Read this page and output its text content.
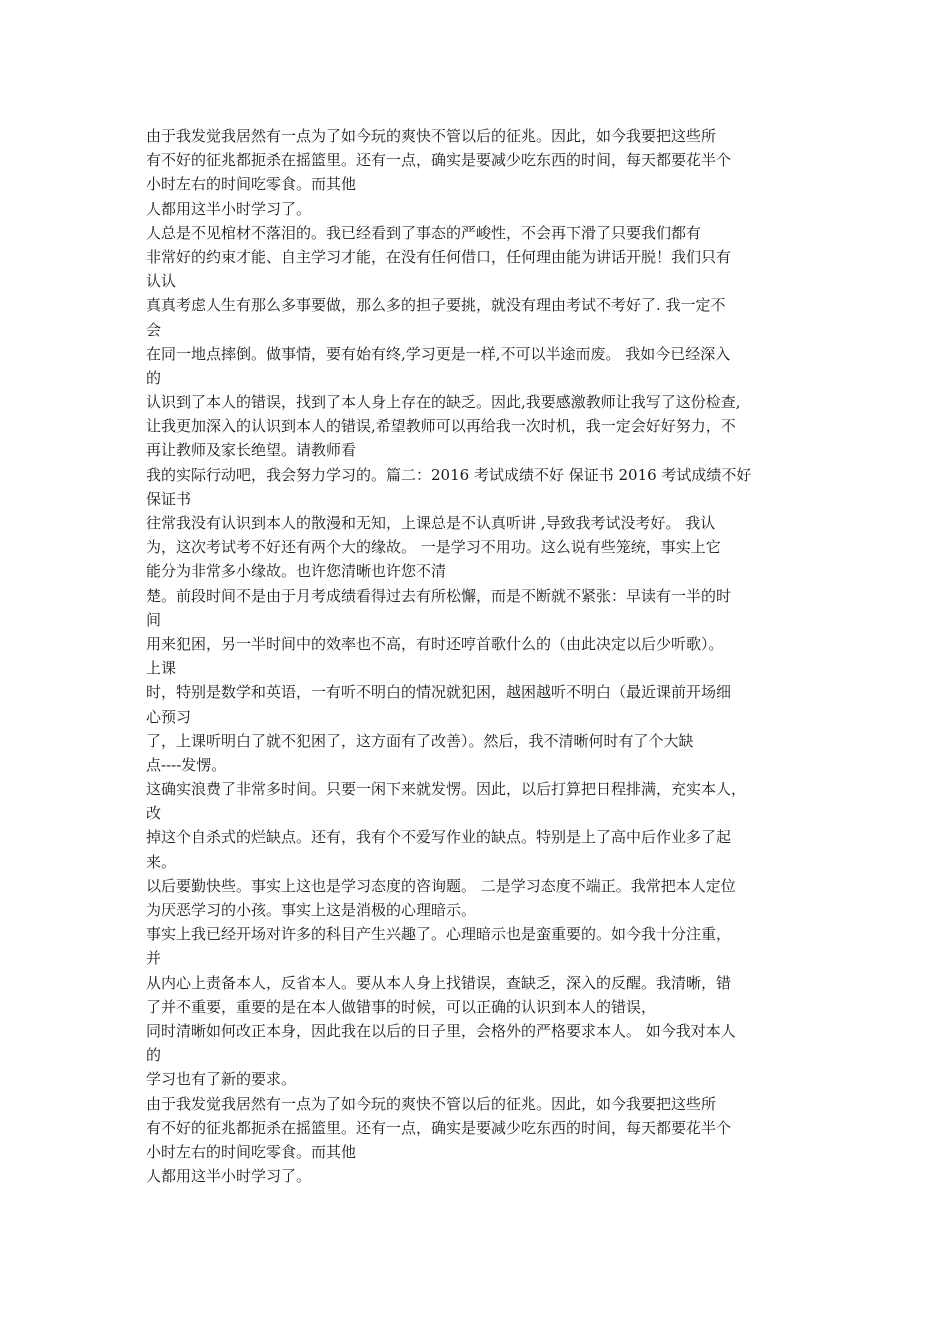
由于我发觉我居然有一点为了如今玩的爽快不管以后的征兆。因此，如今我要把这些所
有不好的征兆都扼杀在摇篮里。还有一点，确实是要减少吃东西的时间，每天都要花半个
小时左右的时间吃零食。而其他
人都用这半小时学习了。
人总是不见棺材不落泪的。我已经看到了事态的严峻性，不会再下滑了只要我们都有
非常好的约束才能、自主学习才能，在没有任何借口，任何理由能为讲话开脱！我们只有
认认
真真考虑人生有那么多事要做，那么多的担子要挑，就没有理由考试不考好了. 我一定不
会
在同一地点摔倒。做事情，要有始有终,学习更是一样,不可以半途而废。 我如今已经深入
的
认识到了本人的错误，找到了本人身上存在的缺乏。因此,我要感激教师让我写了这份检查,
让我更加深入的认识到本人的错误,希望教师可以再给我一次时机，我一定会好好努力，不
再让教师及家长绝望。请教师看
我的实际行动吧，我会努力学习的。篇二：2016 考试成绩不好 保证书 2016 考试成绩不好
保证书
往常我没有认识到本人的散漫和无知，上课总是不认真听讲 ,导致我考试没考好。 我认
为，这次考试考不好还有两个大的缘故。 一是学习不用功。这么说有些笼统，事实上它
能分为非常多小缘故。也许您清晰也许您不清
楚。前段时间不是由于月考成绩看得过去有所松懈，而是不断就不紧张：早读有一半的时
间
用来犯困，另一半时间中的效率也不高，有时还哼首歌什么的（由此决定以后少听歌）。
上课
时，特别是数学和英语，一有听不明白的情况就犯困，越困越听不明白（最近课前开场细
心预习
了，上课听明白了就不犯困了，这方面有了改善）。然后，我不清晰何时有了个大缺
点----发愣。
这确实浪费了非常多时间。只要一闲下来就发愣。因此，以后打算把日程排满，充实本人，
改
掉这个自杀式的烂缺点。还有，我有个不爱写作业的缺点。特别是上了高中后作业多了起
来。
以后要勤快些。事实上这也是学习态度的咨询题。 二是学习态度不端正。我常把本人定位
为厌恶学习的小孩。事实上这是消极的心理暗示。
事实上我已经开场对许多的科目产生兴趣了。心理暗示也是蛮重要的。如今我十分注重，
并
从内心上责备本人，反省本人。要从本人身上找错误，查缺乏，深入的反醒。我清晰，错
了并不重要，重要的是在本人做错事的时候，可以正确的认识到本人的错误，
同时清晰如何改正本身，因此我在以后的日子里，会格外的严格要求本人。 如今我对本人
的
学习也有了新的要求。
由于我发觉我居然有一点为了如今玩的爽快不管以后的征兆。因此，如今我要把这些所
有不好的征兆都扼杀在摇篮里。还有一点，确实是要减少吃东西的时间，每天都要花半个
小时左右的时间吃零食。而其他
人都用这半小时学习了。
